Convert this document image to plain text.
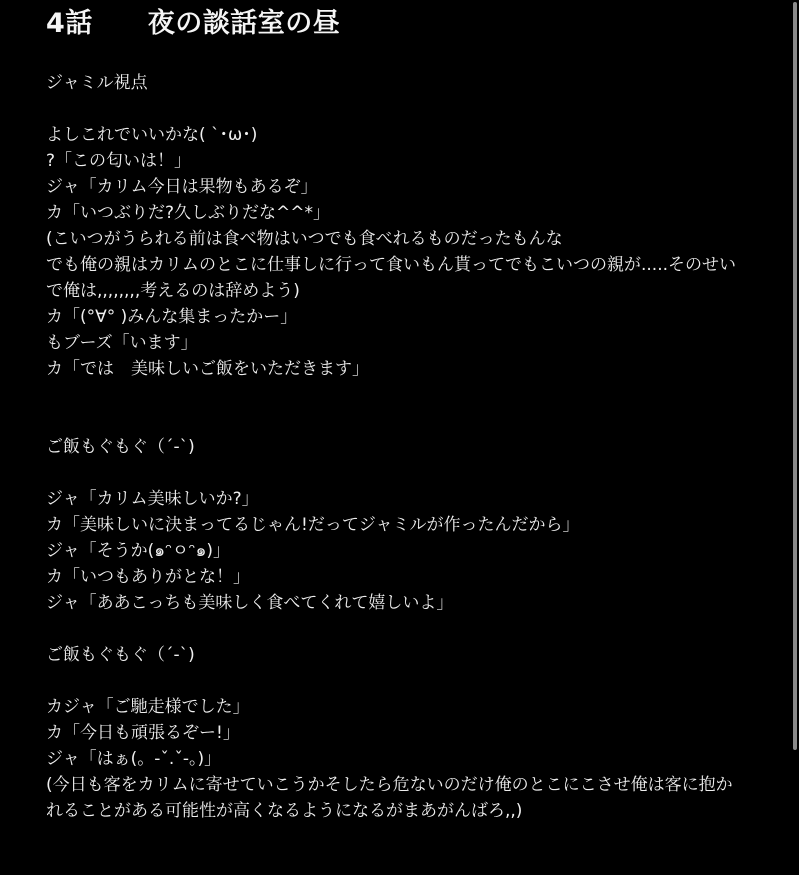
4話　　夜の談話室の昼
ジャミル視点
よしこれでいいかな( ˋ･ω･)
?「この匂いは！」
ジャ「カリム今日は果物もあるぞ」
カ「いつぶりだ?久しぶりだな^^*」
(こいつがうられる前は食べ物はいつでも食べれるものだったもんな
でも俺の親はカリムのとこに仕事しに行って食いもん貰ってでもこいつの親が.....そのせい
で俺は,,,,,,,,考えるのは辞めよう)
カ「(°∀° )みんな集まったかー」
もブーズ「います」
カ「では　美味しいご飯をいただきます」
ご飯もぐもぐ（´-`)
ジャ「カリム美味しいか?」
カ「美味しいに決まってるじゃん!だってジャミルが作ったんだから」
ジャ「そうか(๑ᵔㅇᵔ๑)」
カ「いつもありがとな！」
ジャ「ああこっちも美味しく食べてくれて嬉しいよ」
ご飯もぐもぐ（´-`)
カジャ「ご馳走様でした」
カ「今日も頑張るぞー!」
ジャ「はぁ(。-ˇ.ˇ-。)」
(今日も客をカリムに寄せていこうかそしたら危ないのだけ俺のとこにこさせ俺は客に抱か
れることがある可能性が高くなるようになるがまあがんばろ,,)
